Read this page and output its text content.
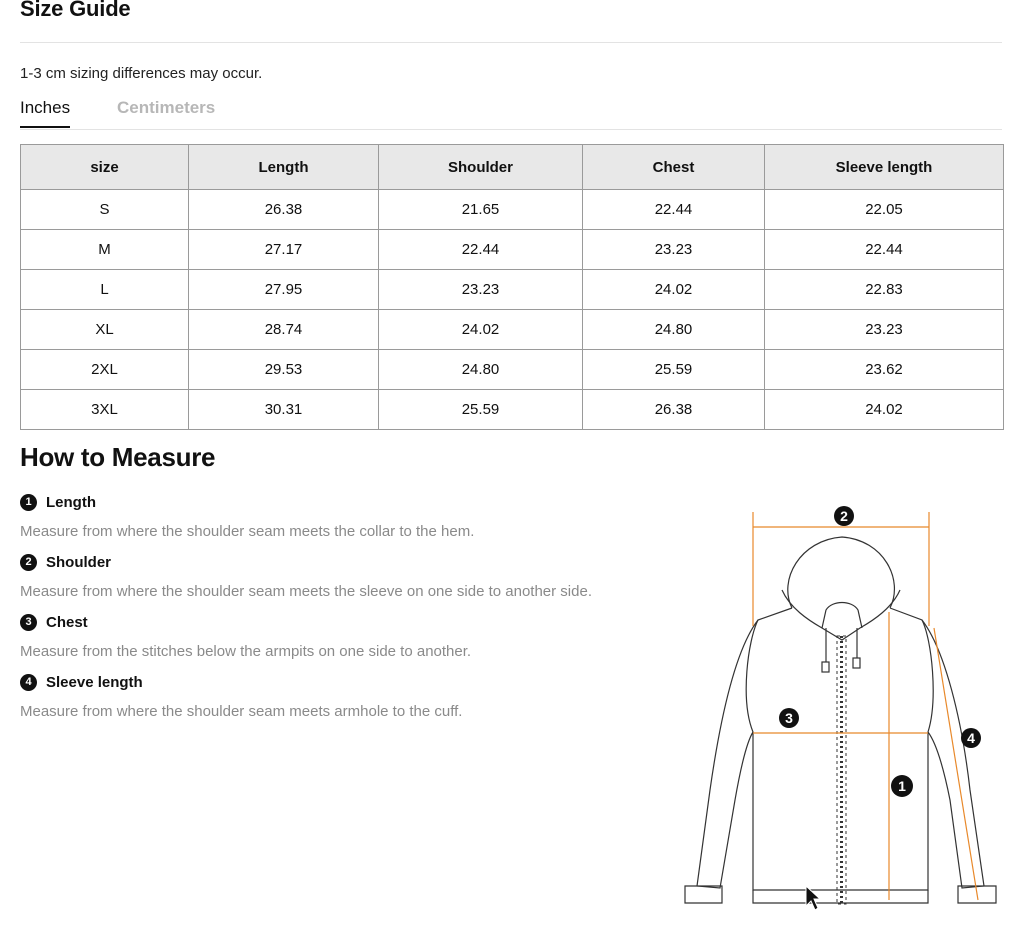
Size Guide
1-3 cm sizing differences may occur.
Inches	Centimeters
size	Length	Shoulder	Chest	Sleeve length
S	26.38	21.65	22.44	22.05
M	27.17	22.44	23.23	22.44
L	27.95	23.23	24.02	22.83
XL	28.74	24.02	24.80	23.23
2XL	29.53	24.80	25.59	23.62
3XL	30.31	25.59	26.38	24.02
How to Measure
1 Length
Measure from where the shoulder seam meets the collar to the hem.
2 Shoulder
Measure from where the shoulder seam meets the sleeve on one side to another side.
3 Chest
Measure from the stitches below the armpits on one side to another.
4 Sleeve length
Measure from where the shoulder seam meets armhole to the cuff.
2
3
4
1
